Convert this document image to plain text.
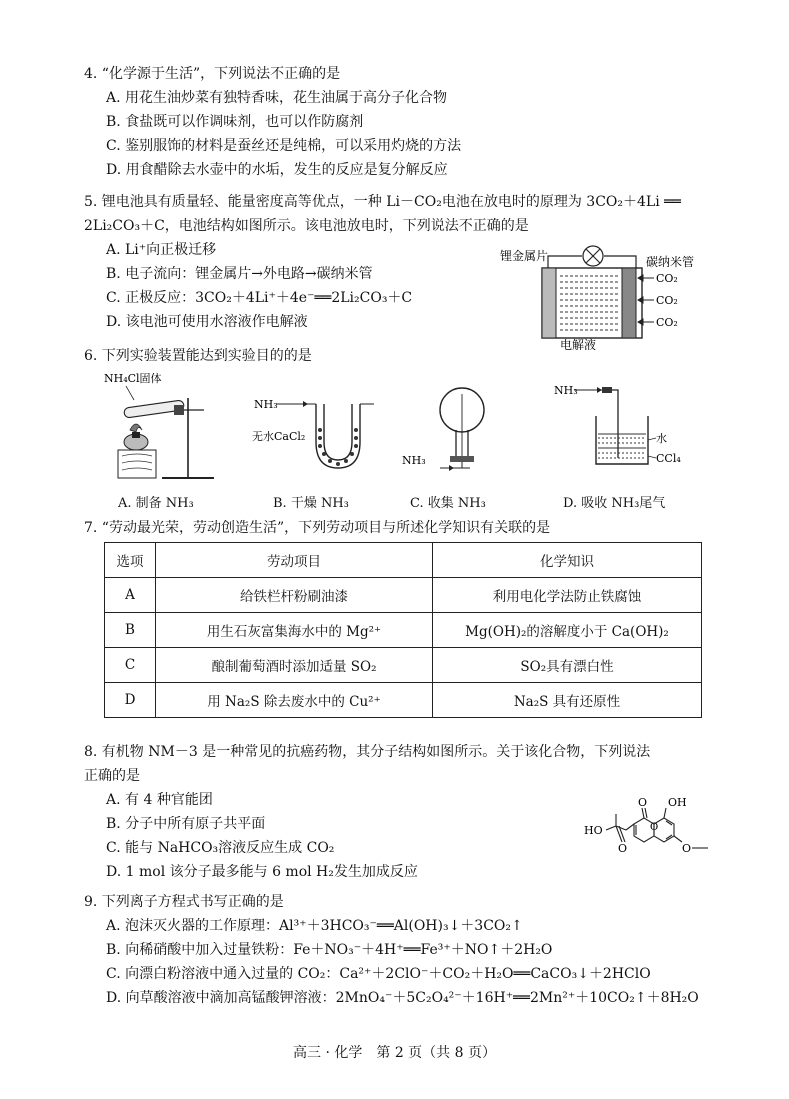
4. “化学源于生活”，下列说法不正确的是
A. 用花生油炒菜有独特香味，花生油属于高分子化合物
B. 食盐既可以作调味剂，也可以作防腐剂
C. 鉴别服饰的材料是蚕丝还是纯棉，可以采用灼烧的方法
D. 用食醋除去水壶中的水垢，发生的反应是复分解反应
5. 锂电池具有质量轻、能量密度高等优点，一种 Li－CO₂电池在放电时的原理为 3CO₂＋4Li ══
2Li₂CO₃＋C，电池结构如图所示。该电池放电时，下列说法不正确的是
A. Li⁺向正极迁移
B. 电子流向：锂金属片→外电路→碳纳米管
C. 正极反应：3CO₂＋4Li⁺＋4e⁻══2Li₂CO₃＋C
D. 该电池可使用水溶液作电解液
锂金属片	碳纳米管
CO₂
CO₂
CO₂
电解液
6. 下列实验装置能达到实验目的的是
NH₄Cl固体
A. 制备 NH₃
NH₃
无水CaCl₂
B. 干燥 NH₃
NH₃
C. 收集 NH₃
NH₃
水
CCl₄
D. 吸收 NH₃尾气
7. “劳动最光荣，劳动创造生活”，下列劳动项目与所述化学知识有关联的是
选项	劳动项目	化学知识
A	给铁栏杆粉刷油漆	利用电化学法防止铁腐蚀
B	用生石灰富集海水中的 Mg²⁺	Mg(OH)₂的溶解度小于 Ca(OH)₂
C	酿制葡萄酒时添加适量 SO₂	SO₂具有漂白性
D	用 Na₂S 除去废水中的 Cu²⁺	Na₂S 具有还原性
8. 有机物 NM－3 是一种常见的抗癌药物，其分子结构如图所示。关于该化合物，下列说法
正确的是
A. 有 4 种官能团
B. 分子中所有原子共平面
C. 能与 NaHCO₃溶液反应生成 CO₂
D. 1 mol 该分子最多能与 6 mol H₂发生加成反应
HO
O
O
O
OH
O
9. 下列离子方程式书写正确的是
A. 泡沫灭火器的工作原理：Al³⁺＋3HCO₃⁻══Al(OH)₃↓＋3CO₂↑
B. 向稀硝酸中加入过量铁粉：Fe＋NO₃⁻＋4H⁺══Fe³⁺＋NO↑＋2H₂O
C. 向漂白粉溶液中通入过量的 CO₂：Ca²⁺＋2ClO⁻＋CO₂＋H₂O══CaCO₃↓＋2HClO
D. 向草酸溶液中滴加高锰酸钾溶液：2MnO₄⁻＋5C₂O₄²⁻＋16H⁺══2Mn²⁺＋10CO₂↑＋8H₂O
高三 · 化学　第 2 页（共 8 页）
